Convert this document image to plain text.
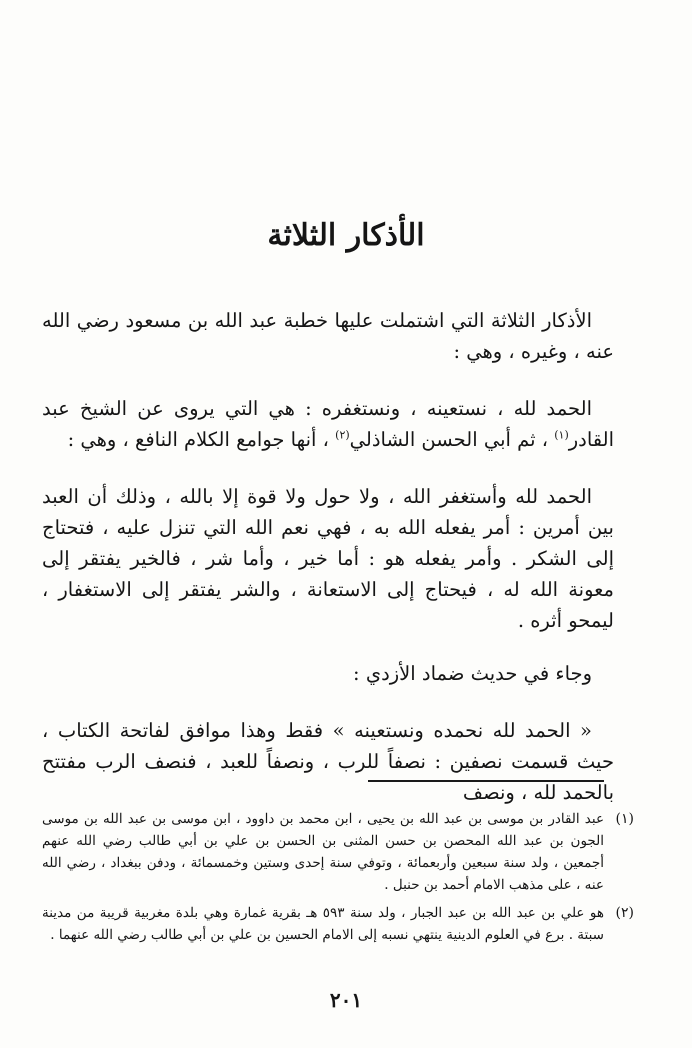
الأذكار الثلاثة

الأذكار الثلاثة التي اشتملت عليها خطبة عبد الله بن مسعود رضي الله عنه ، وغيره ، وهي :

الحمد لله ، نستعينه ، ونستغفره : هي التي يروى عن الشيخ عبد القادر$^{(١)}$ ، ثم أبي الحسن الشاذلي$^{(٢)}$ ، أنها جوامع الكلام النافع ، وهي :

الحمد لله وأستغفر الله ، ولا حول ولا قوة إلا بالله ، وذلك أن العبد بين أمرين : أمر يفعله الله به ، فهي نعم الله التي تنزل عليه ، فتحتاج إلى الشكر . وأمر يفعله هو : أما خير ، وأما شر ، فالخير يفتقر إلى معونة الله له ، فيحتاج إلى الاستعانة ، والشر يفتقر إلى الاستغفار ، ليمحو أثره .

وجاء في حديث ضماد الأزدي :

« الحمد لله نحمده ونستعينه » فقط وهذا موافق لفاتحة الكتاب ، حيث قسمت نصفين : نصفاً للرب ، ونصفاً للعبد ، فنصف الرب مفتتح بالحمد لله ، ونصف

(١)
عبد القادر بن موسى بن عبد الله بن يحيى ، ابن محمد بن داوود ، ابن موسى بن عبد الله بن موسى الجون بن عبد الله المحصن بن حسن المثنى بن الحسن بن علي بن أبي طالب رضي الله عنهم أجمعين ، ولد سنة سبعين وأربعمائة ، وتوفي سنة إحدى وستين وخمسمائة ، ودفن ببغداد ، رضي الله عنه ، على مذهب الامام أحمد بن حنبل .
(٢)
هو علي بن عبد الله بن عبد الجبار ، ولد سنة ٥٩٣ هـ بقرية غمارة وهي بلدة مغربية قريبة من مدينة سبتة . برع في العلوم الدينية ينتهي نسبه إلى الامام الحسين بن علي بن أبي طالب رضي الله عنهما .
٢٠١
